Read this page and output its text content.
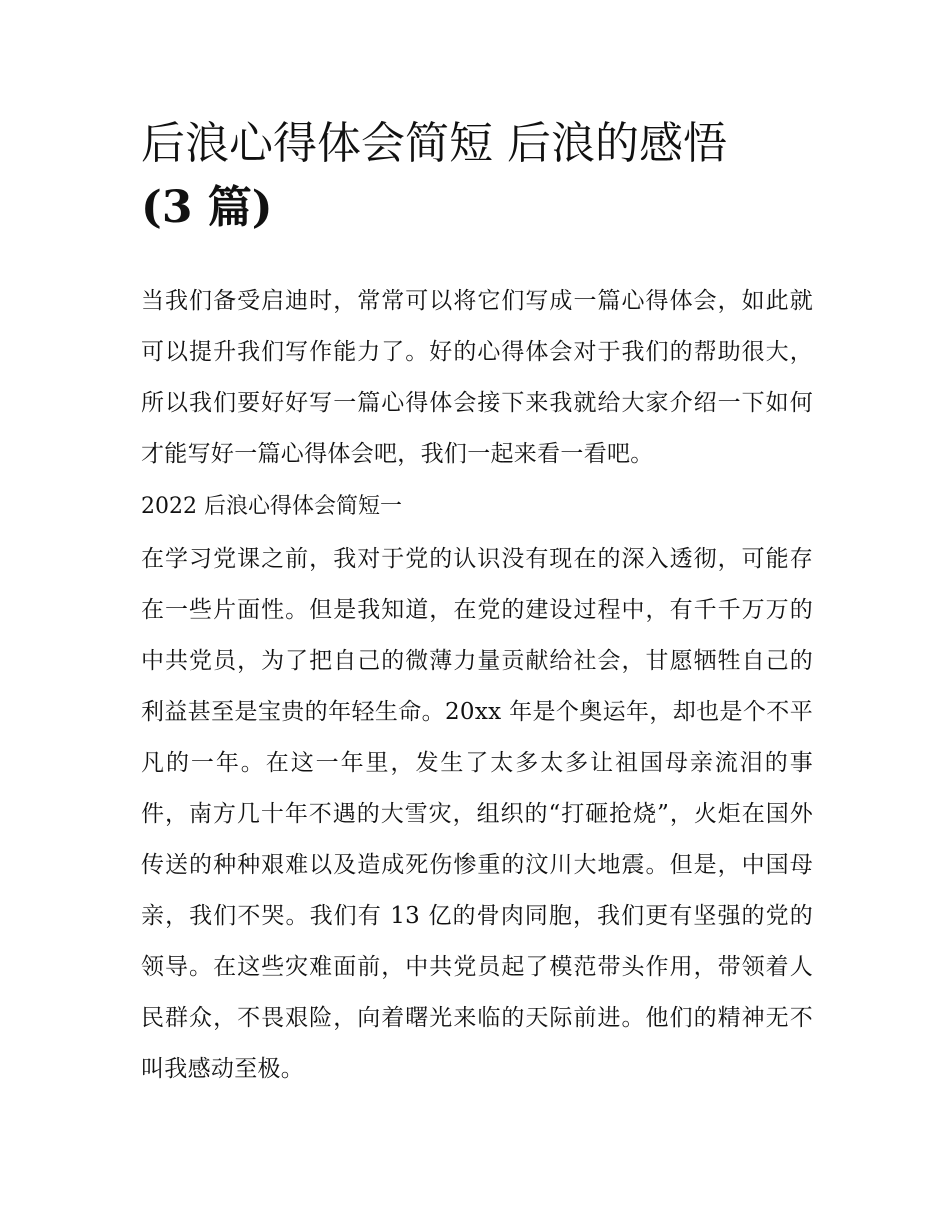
后浪心得体会简短 后浪的感悟
(3 篇)

当我们备受启迪时，常常可以将它们写成一篇心得体会，如此就可以提升我们写作能力了。好的心得体会对于我们的帮助很大，所以我们要好好写一篇心得体会接下来我就给大家介绍一下如何才能写好一篇心得体会吧，我们一起来看一看吧。

2022 后浪心得体会简短一

在学习党课之前，我对于党的认识没有现在的深入透彻，可能存在一些片面性。但是我知道，在党的建设过程中，有千千万万的中共党员，为了把自己的微薄力量贡献给社会，甘愿牺牲自己的利益甚至是宝贵的年轻生命。20xx 年是个奥运年，却也是个不平凡的一年。在这一年里，发生了太多太多让祖国母亲流泪的事件，南方几十年不遇的大雪灾，组织的“打砸抢烧”，火炬在国外传送的种种艰难以及造成死伤惨重的汶川大地震。但是，中国母亲，我们不哭。我们有 13 亿的骨肉同胞，我们更有坚强的党的领导。在这些灾难面前，中共党员起了模范带头作用，带领着人民群众，不畏艰险，向着曙光来临的天际前进。他们的精神无不叫我感动至极。
